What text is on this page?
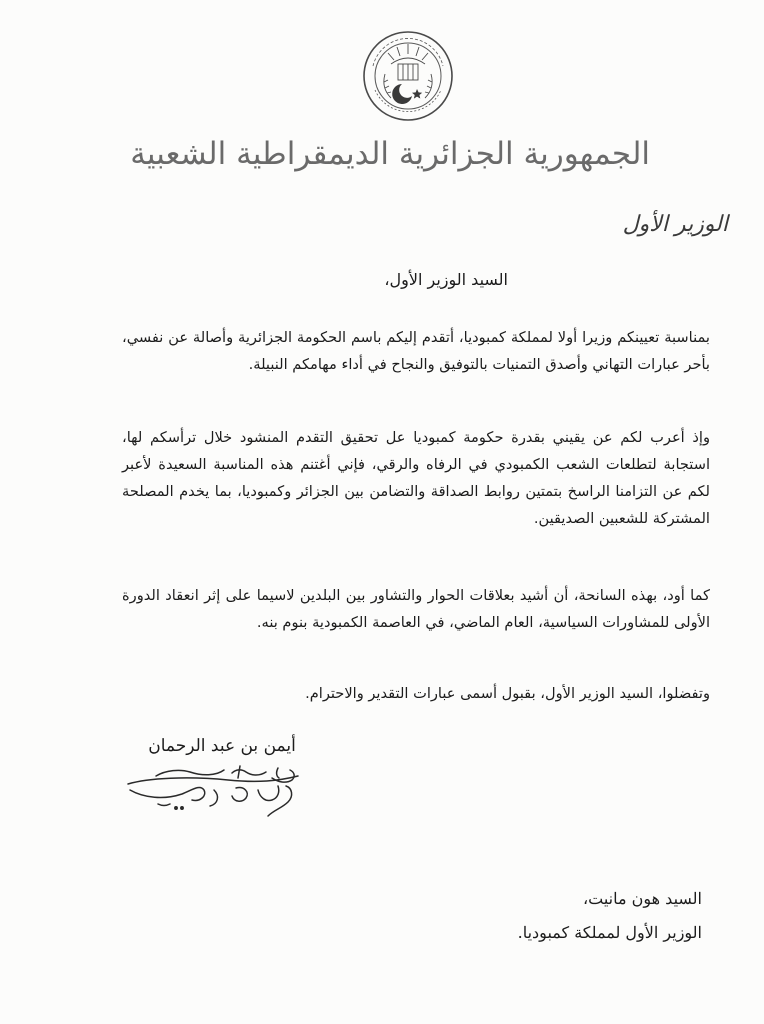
الجمهورية الجزائرية الديمقراطية الشعبية
الوزير الأول
السيد الوزير الأول،
بمناسبة تعيينكم وزيرا أولا لمملكة كمبوديا، أتقدم إليكم باسم الحكومة الجزائرية وأصالة عن نفسي، بأحر عبارات التهاني وأصدق التمنيات بالتوفيق والنجاح في أداء مهامكم النبيلة.
وإذ أعرب لكم عن يقيني بقدرة حكومة كمبوديا عل تحقيق التقدم المنشود خلال ترأسكم لها، استجابة لتطلعات الشعب الكمبودي في الرفاه والرقي، فإني أغتنم هذه المناسبة السعيدة لأعبر لكم عن التزامنا الراسخ بتمتين روابط الصداقة والتضامن بين الجزائر وكمبوديا، بما يخدم المصلحة المشتركة للشعبين الصديقين.
كما أود، بهذه السانحة، أن أشيد بعلاقات الحوار والتشاور بين البلدين لاسيما على إثر انعقاد الدورة الأولى للمشاورات السياسية، العام الماضي، في العاصمة الكمبودية بنوم بنه.
وتفضلوا، السيد الوزير الأول، بقبول أسمى عبارات التقدير والاحترام.
أيمن بن عبد الرحمان
السيد هون مانيت،
الوزير الأول لمملكة كمبوديا.
